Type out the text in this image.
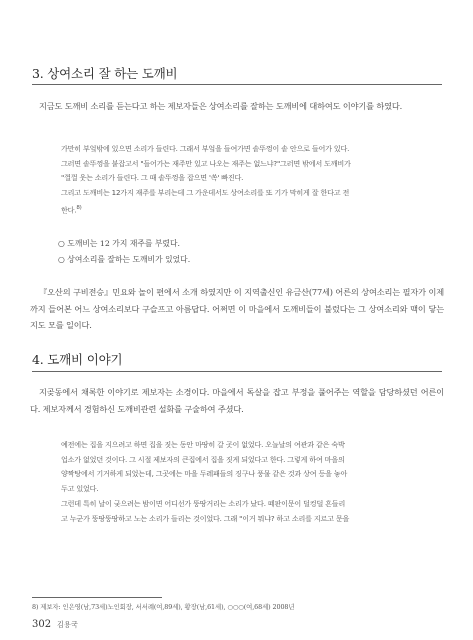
3. 상여소리 잘 하는 도깨비
지금도 도깨비 소리를 듣는다고 하는 제보자들은 상여소리를 잘하는 도깨비에 대하여도 이야기를 하였다.
가만히 부엌밖에 있으면 소리가 들린다. 그래서 부엌을 들여가면 솥뚜껑이 솥 안으로 들어가 있다.
그러면 솥뚜껑을 붙잡고서 "들어가는 재주만 있고 나오는 재주는 없느냐?"그러면 밖에서 도깨비가
"껄껄 웃는 소리가 들린다. 그 때 솥뚜껑을 잡으면 '쏙' 빠진다.
그리고 도깨비는 12가지 재주를 부리는데 그 가운데서도 상여소리를 또 기가 막히게 잘 한다고 전
한다.$^{8)}$
○ 도깨비는 12 가지 재주를 부렸다.
○ 상여소리를 잘하는 도깨비가 있었다.
『오산의 구비전승』민요와 놀이 편에서 소개 하였지만 이 지역출신인 유금산(77세) 어른의 상여소리는 필자가 이제까지 들어본 어느 상여소리보다 구슬프고 아름답다. 어쩌면 이 마을에서 도깨비들이 불렀다는 그 상여소리와 맥이 닿는 지도 모를 일이다.
4. 도깨비 이야기
지곶동에서 채록한 이야기로 제보자는 소경이다. 마을에서 독살을 잡고 부정을 풀어주는 역할을 담당하셨던 어른이다. 제보자께서 경험하신 도깨비관련 설화를 구술하여 주셨다.
예전에는 집을 지으려고 하면 집을 짓는 동안 마땅히 갈 곳이 없었다. 오늘날의 여관과 같은 숙박
업소가 없었던 것이다. 그 시절 제보자의 큰집에서 집을 짓게 되었다고 한다. 그렇게 하여 마을의
양짝탕에서 기거하게 되었는데, 그곳에는 마을 두레패들의 징구나 풍물 같은 것과 상여 등을 놓아
두고 있었다.
그런데 특히 날이 궂으려는 밤이면 어디선가 뚱땅거리는 소리가 났다. 떼판이문이 덜컹덜 흔들리
고 누군가 뚱땅뚱땅하고 노는 소리가 들리는 것이었다. 그래 "이거 뭐냐? 하고 소리를 지르고 문을
8) 제보자: 인은영(남,73세)노인회장, 서서례(여,89세), 황장(남,61세), ○○○(여,68세) 2008년
302 김용국
